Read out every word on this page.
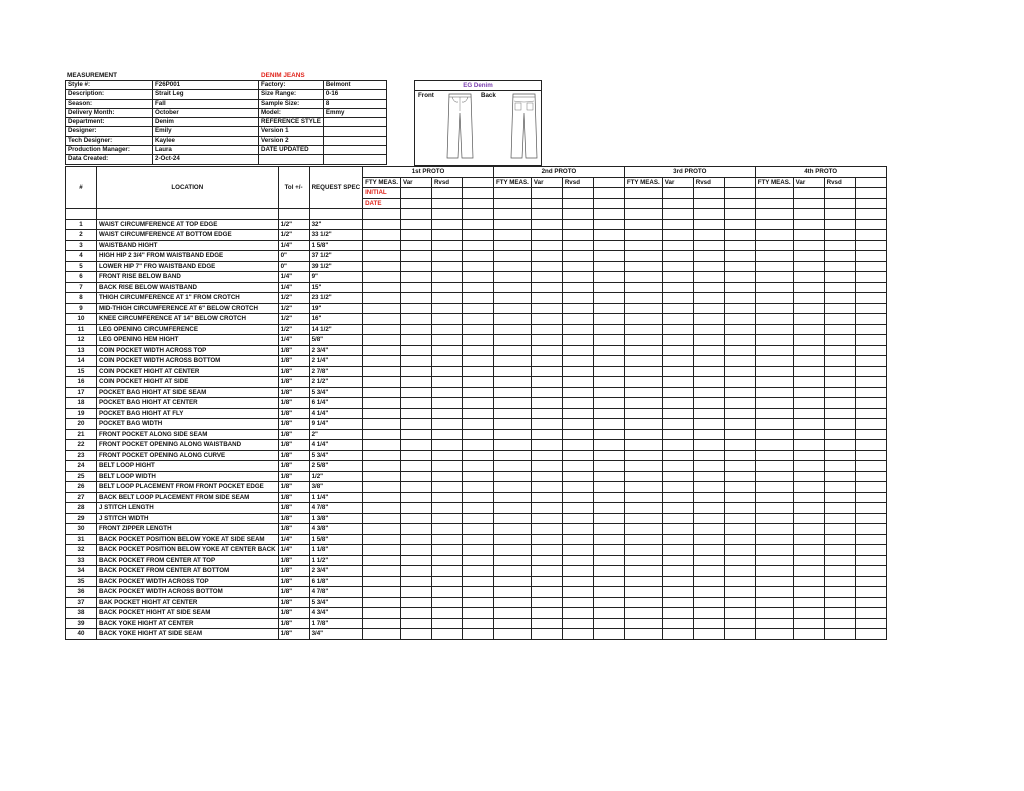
MEASUREMENT	DENIM JEANS
Style #:	F26P001	Factory:	Belmont
Description:	Strait Leg	Size Range:	0-16
Season:	Fall	Sample Size:	8
Delivery Month:	October	Model:	Emmy
Department:	Denim	REFERENCE STYLE	
Designer:	Emily	Version 1	
Tech Designer:	Kaylee	Version 2	
Production Manager:	Laura	DATE UPDATED	
Data Created:	2-Oct-24		
EG Denim
Front	Back
#	LOCATION	Tol +/-	REQUEST SPEC	1st PROTO				2nd PROTO				3rd PROTO				4th PROTO			
				FTY MEAS.	Var	Rvsd		FTY MEAS.	Var	Rvsd		FTY MEAS.	Var	Rvsd		FTY MEAS.	Var	Rvsd	
				INITIAL															
				DATE															

1	WAIST CIRCUMFERENCE AT TOP EDGE	1/2"	32"																
2	WAIST CIRCUMFERENCE AT BOTTOM EDGE	1/2"	33 1/2"																
3	WAISTBAND HIGHT	1/4"	1 5/8"																
4	HIGH HIP 2 3/4" FROM WAISTBAND EDGE	0"	37 1/2"																
5	LOWER HIP 7" FRO WAISTBAND EDGE	0"	39 1/2"																
6	FRONT RISE BELOW BAND	1/4"	9"																
7	BACK RISE BELOW WAISTBAND	1/4"	15"																
8	THIGH CIRCUMFERENCE AT 1" FROM CROTCH	1/2"	23 1/2"																
9	MID-THIGH CIRCUMFERENCE AT 6" BELOW CROTCH	1/2"	19"																
10	KNEE CIRCUMFERENCE AT 14" BELOW CROTCH	1/2"	16"																
11	LEG OPENING CIRCUMFERENCE	1/2"	14 1/2"																
12	LEG OPENING HEM HIGHT	1/4"	5/8"																
13	COIN POCKET WIDTH ACROSS TOP	1/8"	2 3/4"																
14	COIN POCKET WIDTH ACROSS BOTTOM	1/8"	2 1/4"																
15	COIN POCKET HIGHT AT CENTER	1/8"	2 7/8"																
16	COIN POCKET HIGHT AT SIDE	1/8"	2 1/2"																
17	POCKET BAG HIGHT AT SIDE SEAM	1/8"	5 3/4"																
18	POCKET BAG HIGHT AT CENTER	1/8"	6 1/4"																
19	POCKET BAG HIGHT AT FLY	1/8"	4 1/4"																
20	POCKET BAG WIDTH	1/8"	9 1/4"																
21	FRONT POCKET ALONG SIDE SEAM	1/8"	2"																
22	FRONT POCKET OPENING ALONG WAISTBAND	1/8"	4 1/4"																
23	FRONT POCKET OPENING ALONG CURVE	1/8"	5 3/4"																
24	BELT LOOP HIGHT	1/8"	2 5/8"																
25	BELT LOOP WIDTH	1/8"	1/2"																
26	BELT LOOP PLACEMENT FROM FRONT POCKET EDGE	1/8"	3/8"																
27	BACK BELT LOOP PLACEMENT FROM SIDE SEAM	1/8"	1 1/4"																
28	J STITCH LENGTH	1/8"	4 7/8"																
29	J STITCH WIDTH	1/8"	1 3/8"																
30	FRONT ZIPPER LENGTH	1/8"	4 3/8"																
31	BACK POCKET POSITION BELOW YOKE AT SIDE SEAM	1/4"	1 5/8"																
32	BACK POCKET POSITION BELOW YOKE AT CENTER BACK	1/4"	1 1/8"																
33	BACK POCKET FROM CENTER AT TOP	1/8"	1 1/2"																
34	BACK POCKET FROM CENTER AT BOTTOM	1/8"	2 3/4"																
35	BACK POCKET WIDTH ACROSS TOP	1/8"	6 1/8"																
36	BACK POCKET WIDTH ACROSS BOTTOM	1/8"	4 7/8"																
37	BAK POCKET HIGHT AT CENTER	1/8"	5 3/4"																
38	BACK POCKET HIGHT AT SIDE SEAM	1/8"	4 3/4"																
39	BACK YOKE HIGHT AT CENTER	1/8"	1 7/8"																
40	BACK YOKE HIGHT AT SIDE SEAM	1/8"	3/4"																
